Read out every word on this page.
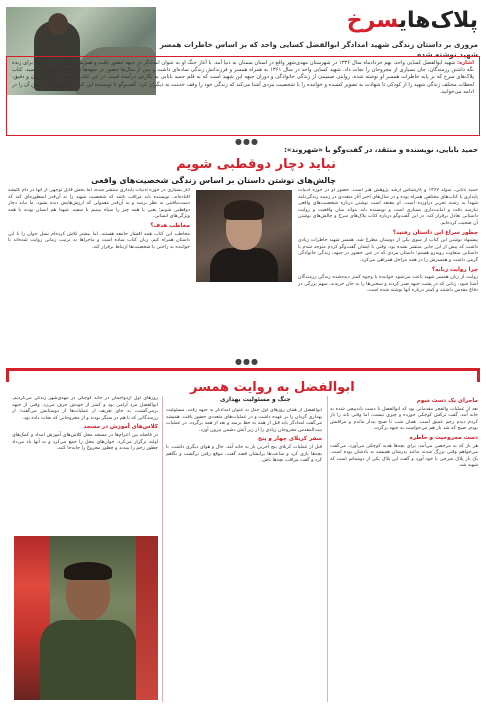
پلاک‌هایسرخ
مروری بر داستان زندگی شهید امدادگر ابوالفضل کسایی واحد که بر اساس خاطرات همسر شهید نوشته شده
اشاره: شهید ابوالفضل کسایی واحد، نهم خردادماه سال ۱۳۳۶ در شهرستان مهدی‌شهر واقع در استان سمنان به دنیا آمد. با آغاز جنگ او به عنوان امدادگر در جبهه حضور یافت و همزمان با آن در کنار تلاش برای زنده نگه داشتن رزمندگان، جان بسیاری از مجروحان را نجات داد. شهید کسایی واحد در سال ۱۳۶۱ به همراه همسر و فرزندانش زندگی ساده‌ای داشت و پس از سال‌ها حضور در جبهه‌ها سرانجام به شهادت رسید. کتاب پلاک‌های سرخ که بر پایه خاطرات همسر او نوشته شده، روایتی صمیمی از زندگی خانوادگی و دوران جبهه این شهید است که به قلم حمید بابایی به نگارش درآمده است. در این کتاب نویسنده با نثری روان و دقیق، لحظات مختلف زندگی شهید را از کودکی تا شهادت به تصویر کشیده و خواننده را با شخصیت مردی آشنا می‌کند که زندگی خود را وقف خدمت به دیگران کرد. گفت‌وگو با نویسنده این کتاب و بخش‌هایی از متن آن را در ادامه می‌خوانید.
●●●
حمید بابایی، نویسنده و منتقد، در گفت‌وگو با «شهروند»:
نباید دچار دوقطبی شویم
چالش‌های نوشتن داستان بر اساس زندگی شخصیت‌های واقعی
حمید بابایی، متولد ۱۳۶۷ و کارشناس ارشد پژوهش هنر است. حضور او در حوزه ادبیات پایداری با کتاب‌های مختلفی همراه بوده و در سال‌های اخیر آثار متعددی در زمینه زندگی‌نامه شهدا به رشته تحریر درآورده است. او معتقد است نوشتن درباره شخصیت‌های واقعی نیازمند دقت و امانت‌داری بسیاری است و نویسنده باید بتواند میان واقعیت و روایت داستانی تعادل برقرار کند. در این گفت‌وگو درباره کتاب پلاک‌های سرخ و چالش‌های نوشتن آن صحبت کرده‌ایم.
چطور سراغ این داستان رفتید؟
پیشنهاد نوشتن این کتاب از سوی یکی از دوستان مطرح شد. همسر شهید خاطرات زیادی داشت که پیش از این جایی منتشر نشده بود. وقتی با ایشان گفت‌وگو کردم متوجه شدم با داستانی متفاوت روبه‌رو هستم؛ داستان مردی که در عین حضور در جبهه، زندگی خانوادگی گرمی داشت و همسرش را در همه مراحل همراهی می‌کرد.
چرا روایت زنانه؟
روایت از زبان همسر شهید باعث می‌شود خواننده با وجوه کمتر دیده‌شده زندگی رزمندگان آشنا شود. زنانی که در پشت جبهه صبر کردند و سختی‌ها را به جان خریدند، سهم بزرگی در دفاع مقدس داشتند و کمتر درباره آنها نوشته شده است.
آثار بسیاری در حوزه ادبیات پایداری منتشر شده، اما بخش قابل توجهی از آنها در دام کلیشه افتاده‌اند. نویسنده باید مراقب باشد که شخصیت شهید را نه آن‌قدر اسطوره‌ای کند که دست‌نیافتنی به نظر برسد و نه آن‌قدر معمولی که ارزش‌هایش دیده نشود. ما نباید دچار دوقطبی شویم؛ یعنی یا همه چیز را سیاه ببینیم یا سفید. شهدا هم انسان بودند با همه ویژگی‌های انسانی.
مخاطب هدف؟
مخاطب این کتاب همه اقشار جامعه هستند، اما بیشتر تلاش کرده‌ام نسل جوان را با این داستان همراه کنم. زبان کتاب ساده است و ماجراها به ترتیب زمانی روایت شده‌اند تا خواننده به راحتی با شخصیت‌ها ارتباط برقرار کند.
●●●
ابوالفضل به روایت همسر
جنگ و مسئولیت بهداری	ماجرای یک دست سوم
بعد از عملیات والفجر مقدماتی بود که ابوالفضل با دست باندپیچی شده به خانه آمد. گفت ترکش کوچکی خورده و چیزی نیست. اما وقتی باند را باز کردم دیدم زخم عمیق است. همان شب تا صبح بیدار ماندم و مراقبش بودم. صبح که شد باز هم می‌خواست به جبهه برگردد.
دست مجروحیت و خاطره
هر بار که به مرخصی می‌آمد، برای بچه‌ها هدیه کوچکی می‌آورد. می‌گفت می‌خواهم وقتی بزرگ شدند بدانند پدرشان همیشه به یادشان بوده است. یک بار پلاک سرخی با خود آورد و گفت این پلاک یکی از دوستانم است که شهید شد.
ابوالفضل از همان روزهای اول جنگ به عنوان امدادگر به جبهه رفت. مسئولیت بهداری گردان را بر عهده داشت و در عملیات‌های متعددی حضور یافت. همیشه می‌گفت امدادگر باید قبل از همه به خط برسد و بعد از همه برگردد. در عملیات بیت‌المقدس مجروحان زیادی را از زیر آتش دشمن بیرون آورد.
سفر کربلای چهار و پنج
قبل از عملیات کربلای پنج آخرین بار به خانه آمد. حال و هوای دیگری داشت. با بچه‌ها بازی کرد و ساعت‌ها برایشان قصه گفت. موقع رفتن برگشت و نگاهم کرد و گفت مراقب بچه‌ها باش.
روزهای اول ازدواجمان در خانه کوچکی در مهدی‌شهر زندگی می‌کردیم. ابوالفضل مرد آرامی بود و کمتر از خودش حرف می‌زد. وقتی از جبهه برمی‌گشت، به جای تعریف از عملیات‌ها از دوستانش می‌گفت؛ از رزمندگانی که با هم در سنگر بودند و از مجروحانی که نجات داده بود.
کلاس‌های آموزش در مسجد
در فاصله بین اعزام‌ها در مسجد محل کلاس‌های آموزش امداد و کمک‌های اولیه برگزار می‌کرد. جوان‌های محل را جمع می‌کرد و به آنها یاد می‌داد چطور زخم را ببندند و چطور مجروح را جابه‌جا کنند.
